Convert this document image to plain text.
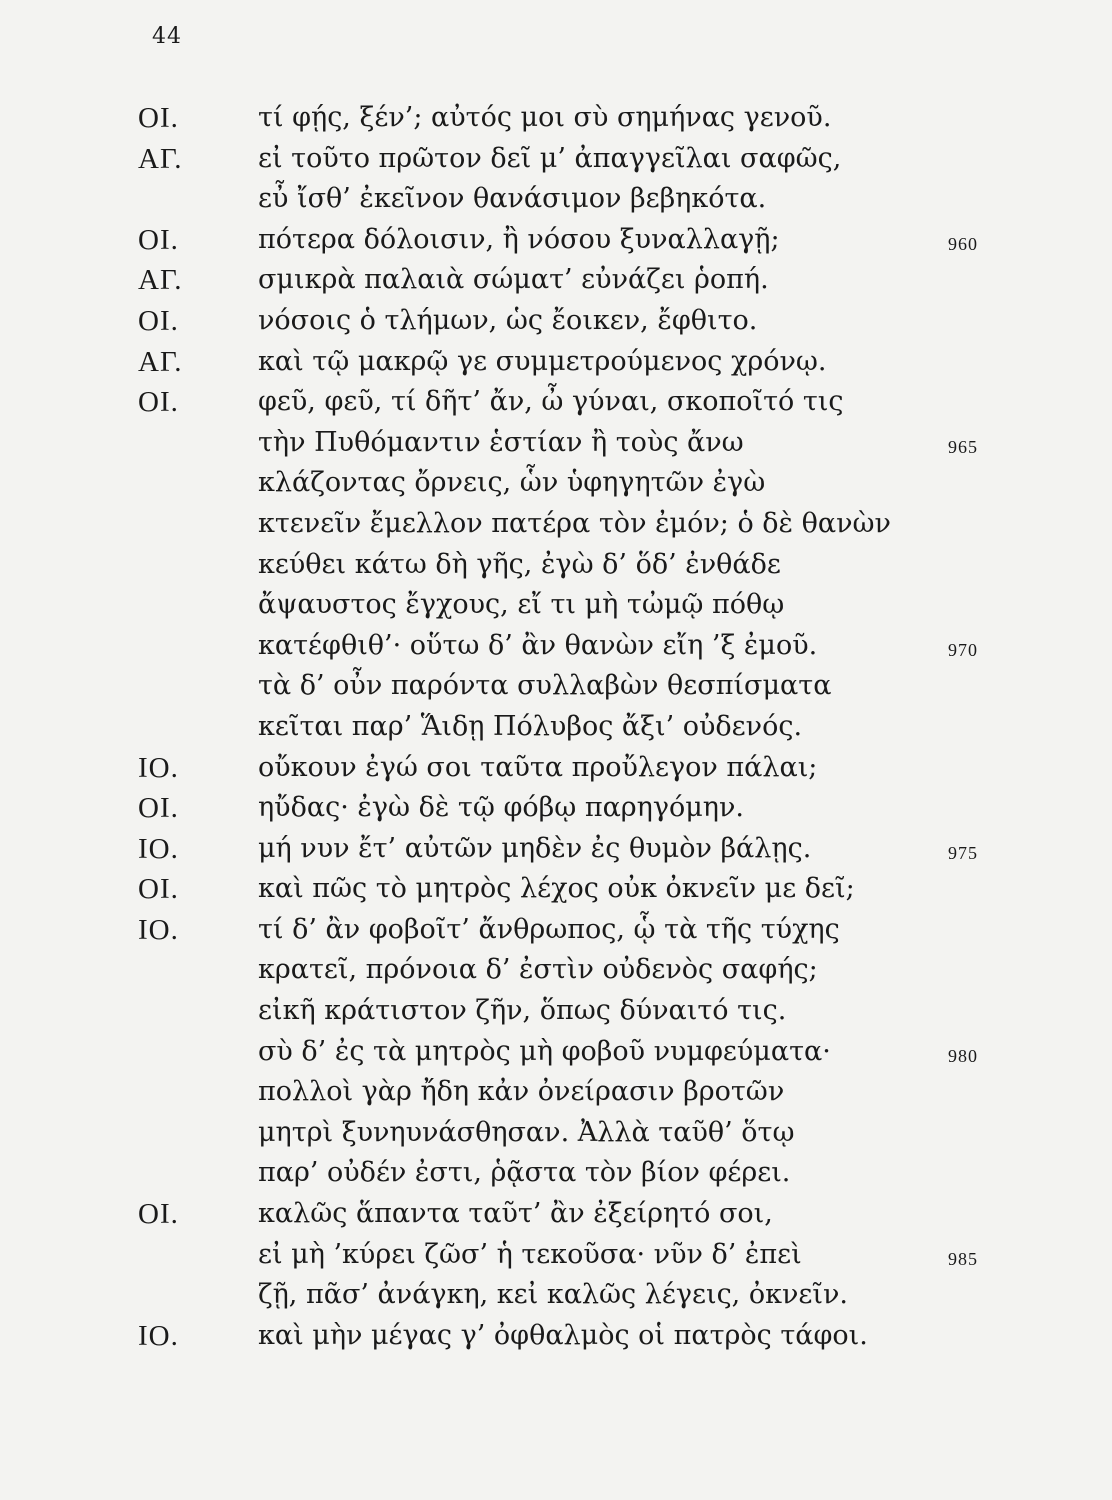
44
ΟΙ.	τί φῄς, ξέν’; αὐτός μοι σὺ σημήνας γενοῦ.
ΑΓ.	εἰ τοῦτο πρῶτον δεῖ μ’ ἀπαγγεῖλαι σαφῶς,
εὖ ἴσθ’ ἐκεῖνον θανάσιμον βεβηκότα.
ΟΙ.	πότερα δόλοισιν, ἢ νόσου ξυναλλαγῇ;	960
ΑΓ.	σμικρὰ παλαιὰ σώματ’ εὐνάζει ῥοπή.
ΟΙ.	νόσοις ὁ τλήμων, ὡς ἔοικεν, ἔφθιτο.
ΑΓ.	καὶ τῷ μακρῷ γε συμμετρούμενος χρόνῳ.
ΟΙ.	φεῦ, φεῦ, τί δῆτ’ ἄν, ὦ γύναι, σκοποῖτό τις
τὴν Πυθόμαντιν ἑστίαν ἢ τοὺς ἄνω	965
κλάζοντας ὄρνεις, ὧν ὑφηγητῶν ἐγὼ
κτενεῖν ἔμελλον πατέρα τὸν ἐμόν; ὁ δὲ θανὼν
κεύθει κάτω δὴ γῆς, ἐγὼ δ’ ὅδ’ ἐνθάδε
ἄψαυστος ἔγχους, εἴ τι μὴ τὠμῷ πόθῳ
κατέφθιθ’· οὕτω δ’ ἂν θανὼν εἴη ’ξ ἐμοῦ.	970
τὰ δ’ οὖν παρόντα συλλαβὼν θεσπίσματα
κεῖται παρ’ Ἅιδῃ Πόλυβος ἄξι’ οὐδενός.
ΙΟ.	οὔκουν ἐγώ σοι ταῦτα προὔλεγον πάλαι;
ΟΙ.	ηὔδας· ἐγὼ δὲ τῷ φόβῳ παρηγόμην.
ΙΟ.	μή νυν ἔτ’ αὐτῶν μηδὲν ἐς θυμὸν βάλῃς.	975
ΟΙ.	καὶ πῶς τὸ μητρὸς λέχος οὐκ ὀκνεῖν με δεῖ;
ΙΟ.	τί δ’ ἂν φοβοῖτ’ ἄνθρωπος, ᾧ τὰ τῆς τύχης
κρατεῖ, πρόνοια δ’ ἐστὶν οὐδενὸς σαφής;
εἰκῆ κράτιστον ζῆν, ὅπως δύναιτό τις.
σὺ δ’ ἐς τὰ μητρὸς μὴ φοβοῦ νυμφεύματα·	980
πολλοὶ γὰρ ἤδη κἀν ὀνείρασιν βροτῶν
μητρὶ ξυνηυνάσθησαν. Ἀλλὰ ταῦθ’ ὅτῳ
παρ’ οὐδέν ἐστι, ῥᾷστα τὸν βίον φέρει.
ΟΙ.	καλῶς ἅπαντα ταῦτ’ ἂν ἐξείρητό σοι,
εἰ μὴ ’κύρει ζῶσ’ ἡ τεκοῦσα· νῦν δ’ ἐπεὶ	985
ζῇ, πᾶσ’ ἀνάγκη, κεἰ καλῶς λέγεις, ὀκνεῖν.
ΙΟ.	καὶ μὴν μέγας γ’ ὀφθαλμὸς οἱ πατρὸς τάφοι.
